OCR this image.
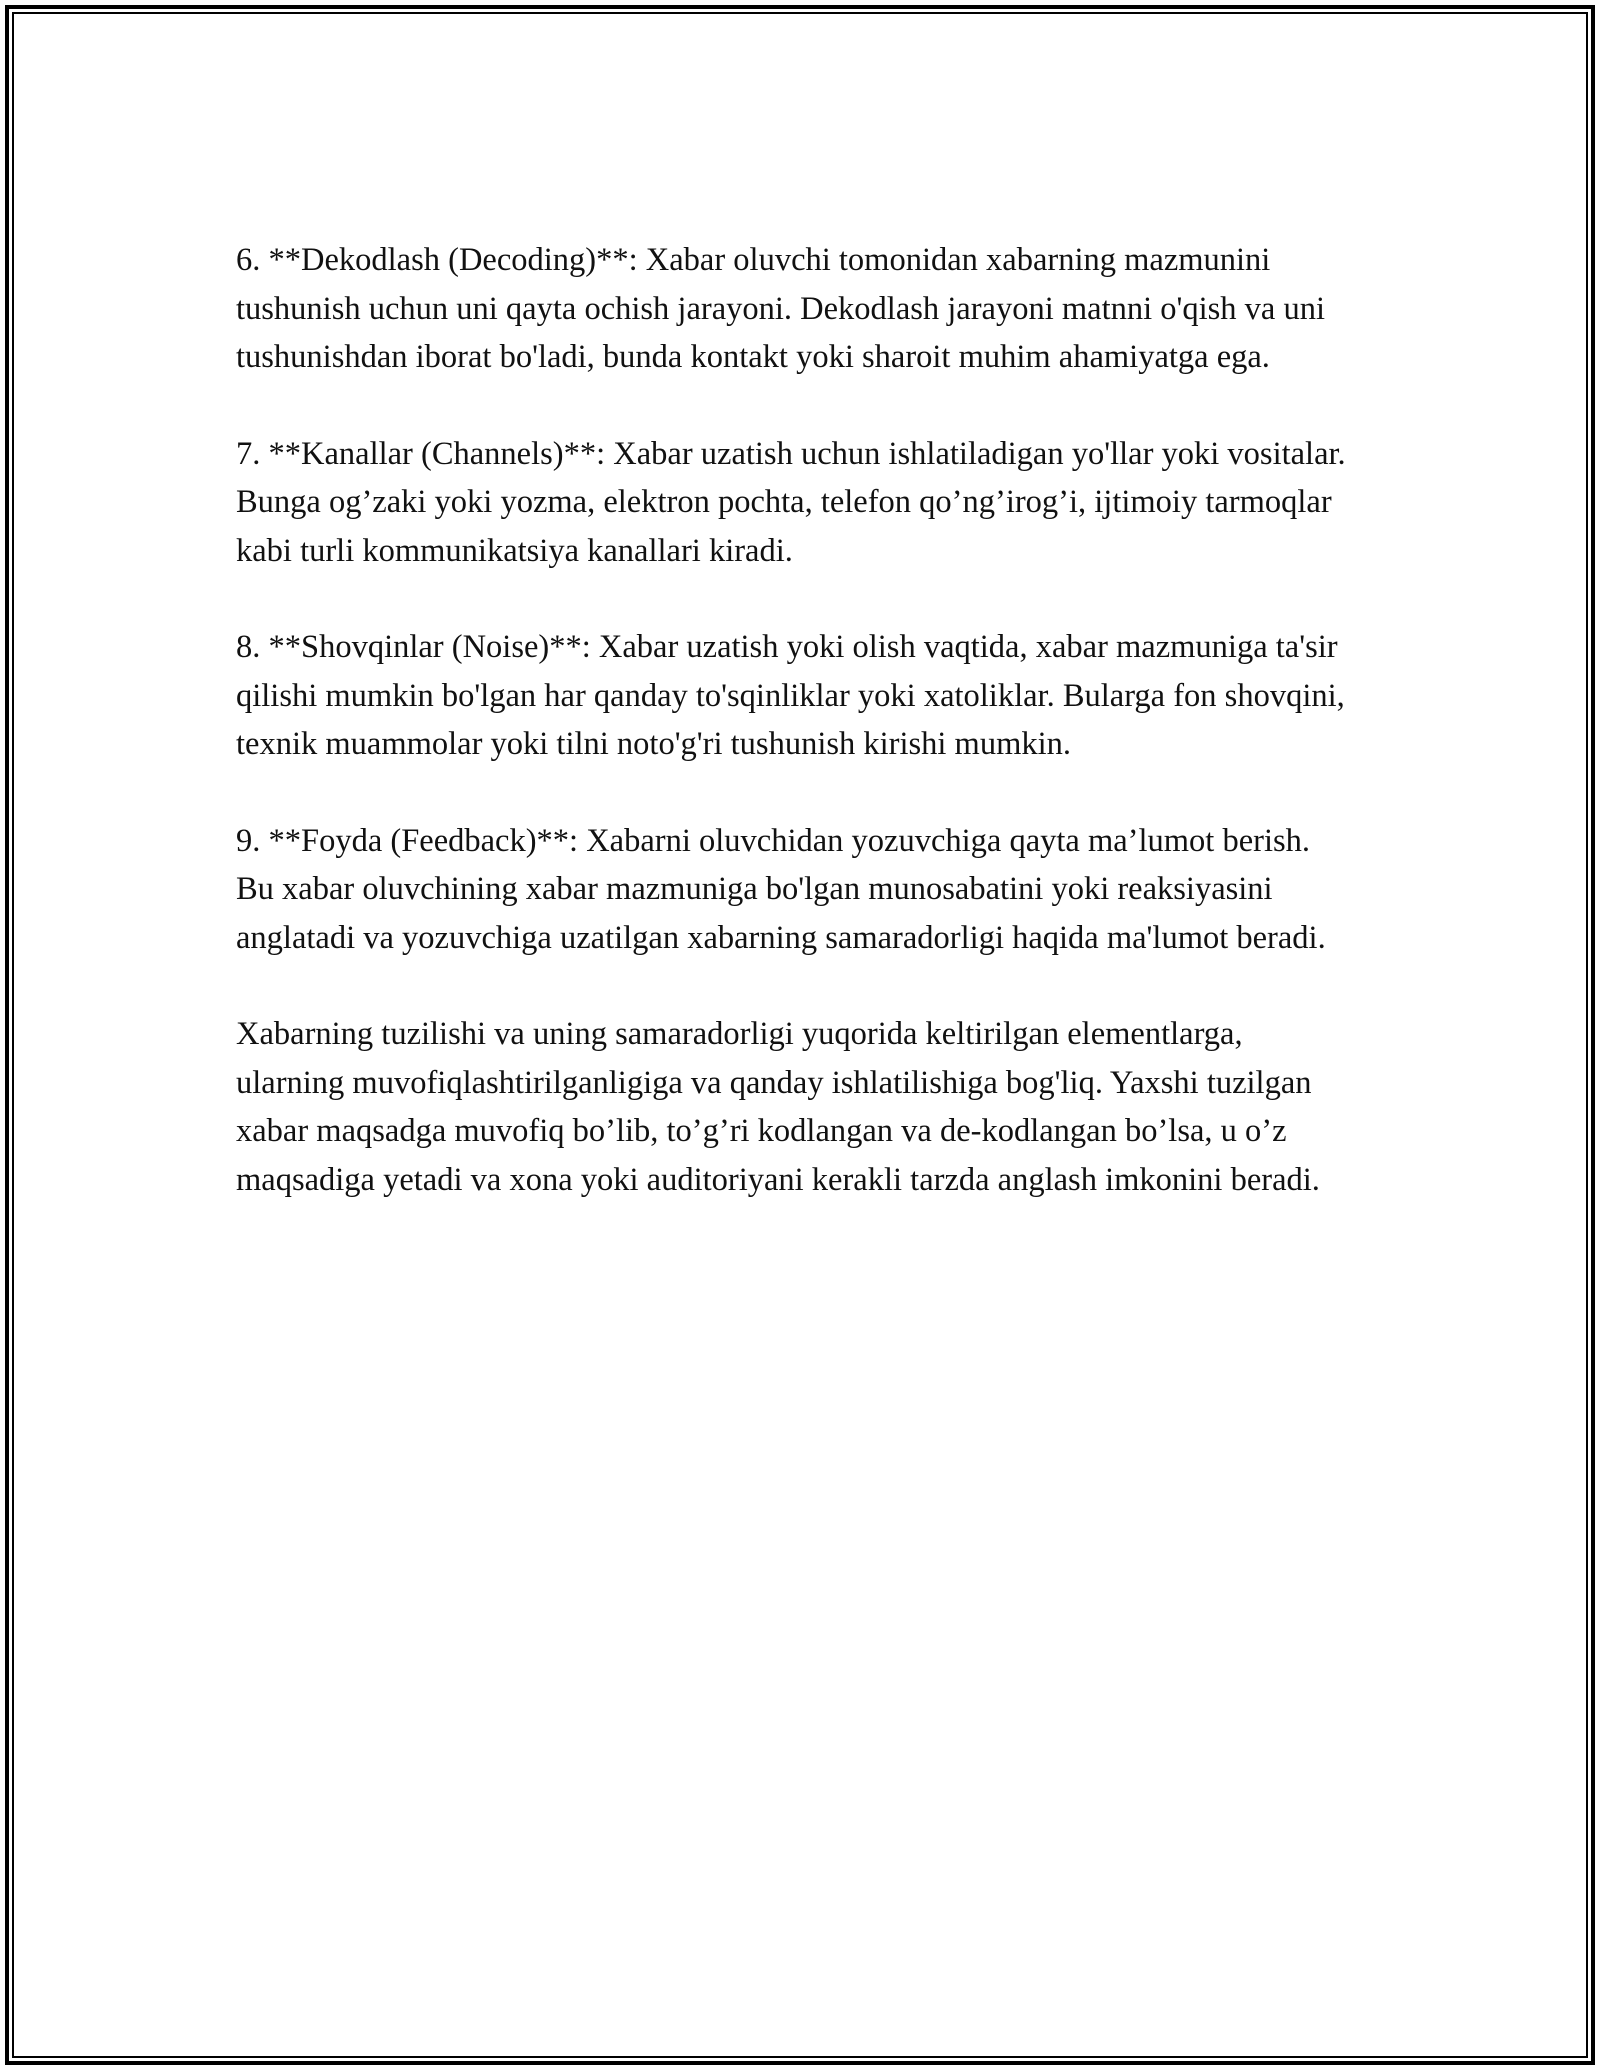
6. **Dekodlash (Decoding)**: Xabar oluvchi tomonidan xabarning mazmunini tushunish uchun uni qayta ochish jarayoni. Dekodlash jarayoni matnni o'qish va uni tushunishdan iborat bo'ladi, bunda kontakt yoki sharoit muhim ahamiyatga ega.

7. **Kanallar (Channels)**: Xabar uzatish uchun ishlatiladigan yo'llar yoki vositalar. Bunga og’zaki yoki yozma, elektron pochta, telefon qo’ng’irog’i, ijtimoiy tarmoqlar kabi turli kommunikatsiya kanallari kiradi.

8. **Shovqinlar (Noise)**: Xabar uzatish yoki olish vaqtida, xabar mazmuniga ta'sir qilishi mumkin bo'lgan har qanday to'sqinliklar yoki xatoliklar. Bularga fon shovqini, texnik muammolar yoki tilni noto'g'ri tushunish kirishi mumkin.

9. **Foyda (Feedback)**: Xabarni oluvchidan yozuvchiga qayta ma’lumot berish. Bu xabar oluvchining xabar mazmuniga bo'lgan munosabatini yoki reaksiyasini anglatadi va yozuvchiga uzatilgan xabarning samaradorligi haqida ma'lumot beradi.

Xabarning tuzilishi va uning samaradorligi yuqorida keltirilgan elementlarga, ularning muvofiqlashtirilganligiga va qanday ishlatilishiga bog'liq. Yaxshi tuzilgan xabar maqsadga muvofiq bo’lib, to’g’ri kodlangan va de-kodlangan bo’lsa, u o’z maqsadiga yetadi va xona yoki auditoriyani kerakli tarzda anglash imkonini beradi.
